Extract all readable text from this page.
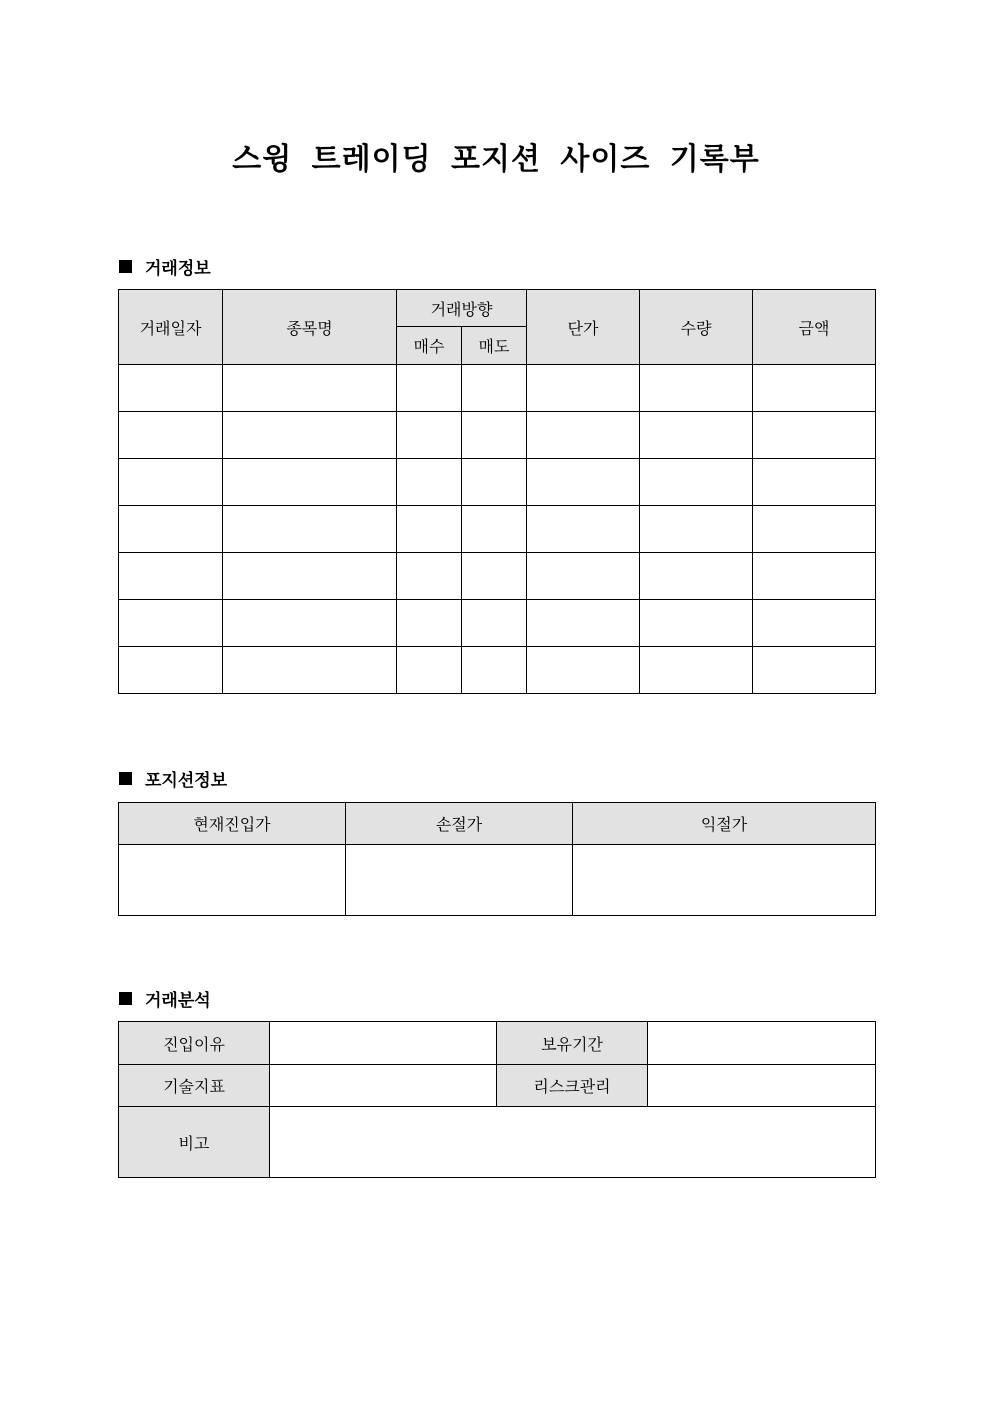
스윙 트레이딩 포지션 사이즈 기록부
거래정보
거래일자	종목명	거래방향		단가	수량	금액
		매수	매도			

포지션정보
현재진입가	손절가	익절가

거래분석
진입이유		보유기간	
기술지표		리스크관리	
비고			
